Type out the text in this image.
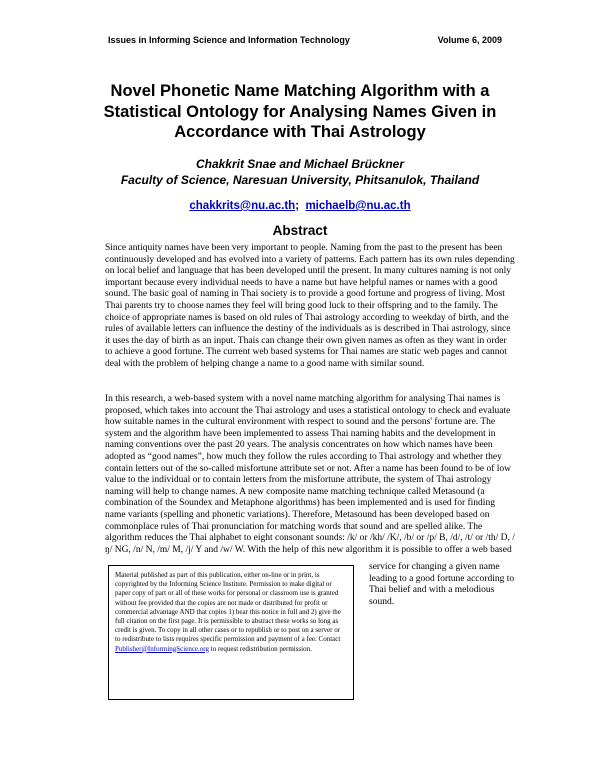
Issues in Informing Science and Information Technology	Volume 6, 2009
Novel Phonetic Name Matching Algorithm with a Statistical Ontology for Analysing Names Given in Accordance with Thai Astrology
Chakkrit Snae and Michael Brückner
Faculty of Science, Naresuan University, Phitsanulok, Thailand
chakkrits@nu.ac.th; michaelb@nu.ac.th
Abstract

Since antiquity names have been very important to people. Naming from the past to the present has been continuously developed and has evolved into a variety of patterns. Each pattern has its own rules depending on local belief and language that has been developed until the present. In many cultures naming is not only important because every individual needs to have a name but have helpful names or names with a good sound. The basic goal of naming in Thai society is to provide a good fortune and progress of living. Most Thai parents try to choose names they feel will bring good luck to their offspring and to the family. The choice of appropriate names is based on old rules of Thai astrology according to weekday of birth, and the rules of available letters can influence the destiny of the individuals as is described in Thai astrology, since it uses the day of birth as an input. Thais can change their own given names as often as they want in order to achieve a good fortune. The current web based systems for Thai names are static web pages and cannot deal with the problem of helping change a name to a good name with similar sound.

In this research, a web-based system with a novel name matching algorithm for analysing Thai names is proposed, which takes into account the Thai astrology and uses a statistical ontology to check and evaluate how suitable names in the cultural environment with respect to sound and the persons' fortune are. The system and the algorithm have been implemented to assess Thai naming habits and the development in naming conventions over the past 20 years. The analysis concentrates on how which names have been adopted as “good names”, how much they follow the rules according to Thai astrology and whether they contain letters out of the so-called misfortune attribute set or not. After a name has been found to be of low value to the individual or to contain letters from the misfortune attribute, the system of Thai astrology naming will help to change names. A new composite name matching technique called Metasound (a combination of the Soundex and Metaphone algorithms) has been implemented and is used for finding name variants (spelling and phonetic variations). Therefore, Metasound has been developed based on commonplace rules of Thai pronunciation for matching words that sound and are spelled alike. The algorithm reduces the Thai alphabet to eight consonant sounds: /k/ or /kh/ /K/, /b/ or /p/ B, /d/, /t/ or /th/ D, /ŋ/ NG, /n/ N, /m/ M, /j/ Y and /w/ W. With the help of this new algorithm it is possible to offer a web based

service for changing a given name leading to a good fortune according to Thai belief and with a melodious sound.
Material published as part of this publication, either on-line or in print, is copyrighted by the Informing Science Institute. Permission to make digital or paper copy of part or all of these works for personal or classroom use is granted without fee provided that the copies are not made or distributed for profit or commercial advantage AND that copies 1) bear this notice in full and 2) give the full citation on the first page. It is permissible to abstract these works so long as credit is given. To copy in all other cases or to republish or to post on a server or to redistribute to lists requires specific permission and payment of a fee. Contact Publisher@InformingScience.org to request redistribution permission.
